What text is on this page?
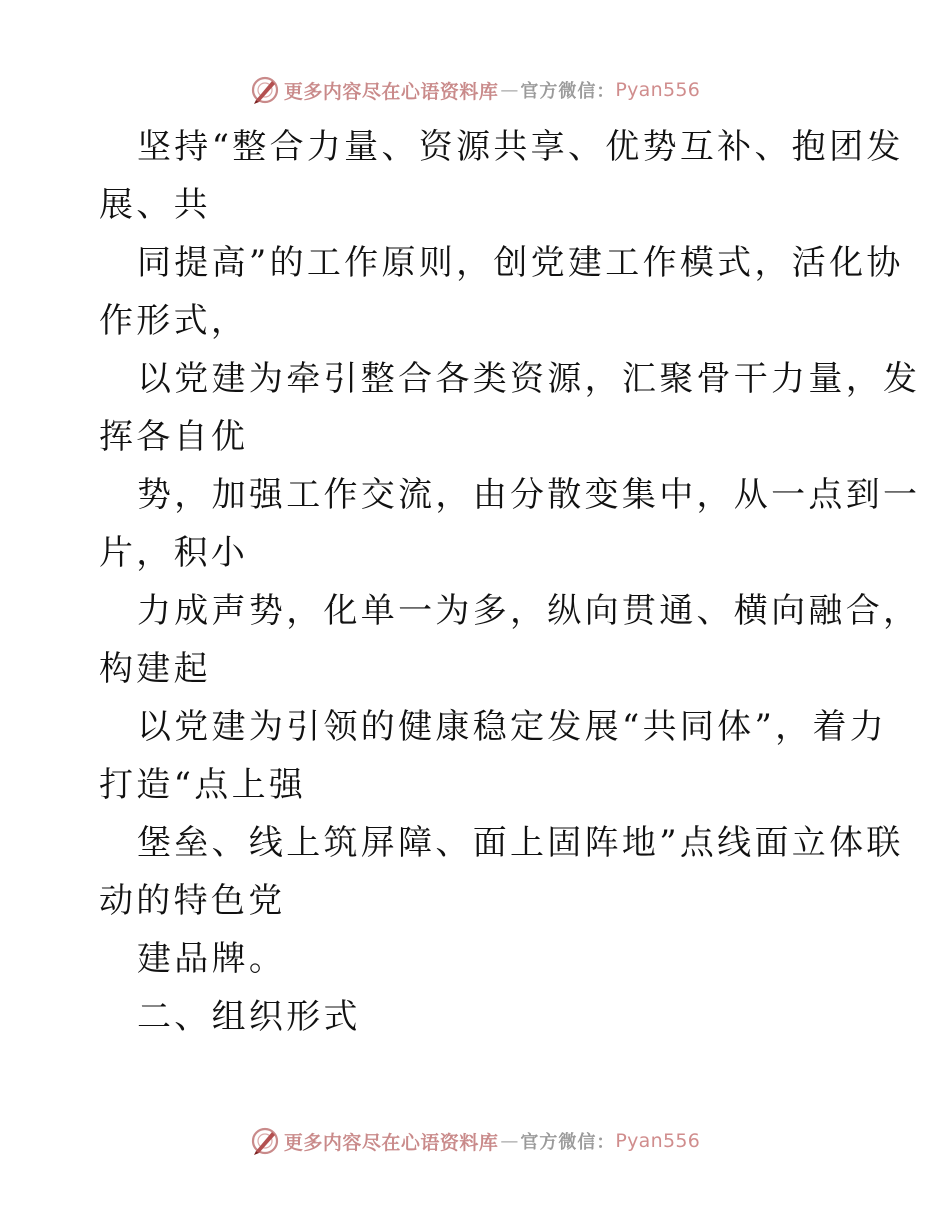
更多内容尽在心语资料库 — 官方微信： Pyan556
坚持“整合力量、资源共享、优势互补、抱团发
展、共
同提高”的工作原则，创党建工作模式，活化协
作形式，
以党建为牵引整合各类资源，汇聚骨干力量，发
挥各自优
势，加强工作交流，由分散变集中，从一点到一
片，积小
力成声势，化单一为多，纵向贯通、横向融合，
构建起
以党建为引领的健康稳定发展“共同体”，着力
打造“点上强
堡垒、线上筑屏障、面上固阵地”点线面立体联
动的特色党
建品牌。
二、组织形式
更多内容尽在心语资料库 — 官方微信： Pyan556
